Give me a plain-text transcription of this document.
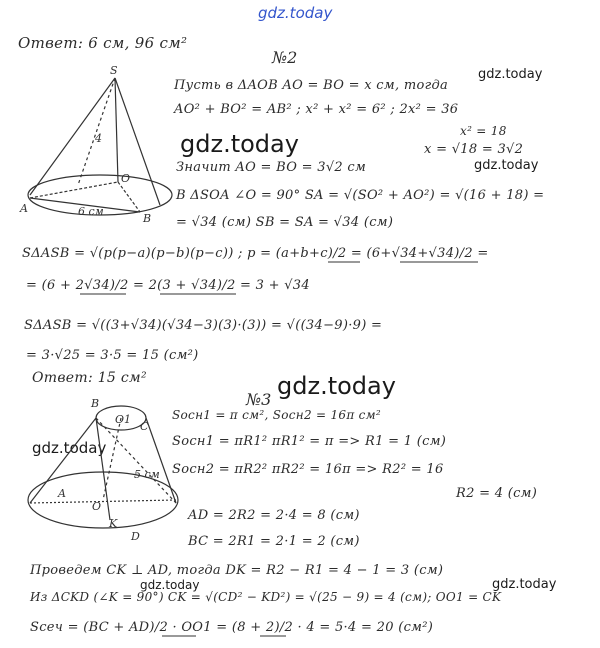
gdz.today
gdz.today
gdz.today
gdz.today
gdz.today
gdz.today
gdz.today	gdz.today
Ответ: 6 см, 96 см²
№2
Пусть в ΔAOB AO = BO = x см, тогда
AO² + BO² = AB² ; x² + x² = 6² ; 2x² = 36
x² = 18
x = √18 = 3√2
Значит AO = BO = 3√2 см
В ΔSOA ∠O = 90° SA = √(SO² + AO²) = √(16 + 18) =
= √34 (см) SB = SA = √34 (см)
SΔASB = √(p(p−a)(p−b)(p−c)) ; p = (a+b+c)/2 = (6+√34+√34)/2 =
= (6 + 2√34)/2 = 2(3 + √34)/2 = 3 + √34
SΔASB = √((3+√34)(√34−3)(3)·(3)) = √((34−9)·9) =
= 3·√25 = 3·5 = 15 (см²)
Ответ: 15 см²
№3
Sосн1 = π см², Sосн2 = 16π см²
Sосн1 = πR1² πR1² = π => R1 = 1 (см)
Sосн2 = πR2² πR2² = 16π => R2² = 16
R2 = 4 (см)
AD = 2R2 = 2·4 = 8 (см)
BC = 2R1 = 2·1 = 2 (см)
Проведем CK ⊥ AD, тогда DK = R2 − R1 = 4 − 1 = 3 (см)
Из ΔCKD (∠K = 90°) CK = √(CD² − KD²) = √(25 − 9) = 4 (см); OO1 = CK
Sсеч = (BC + AD)/2 · OO1 = (8 + 2)/2 · 4 = 5·4 = 20 (см²)
S
4
O
A
B
6 см
B
C
O1
5 см
A
K
D
O
